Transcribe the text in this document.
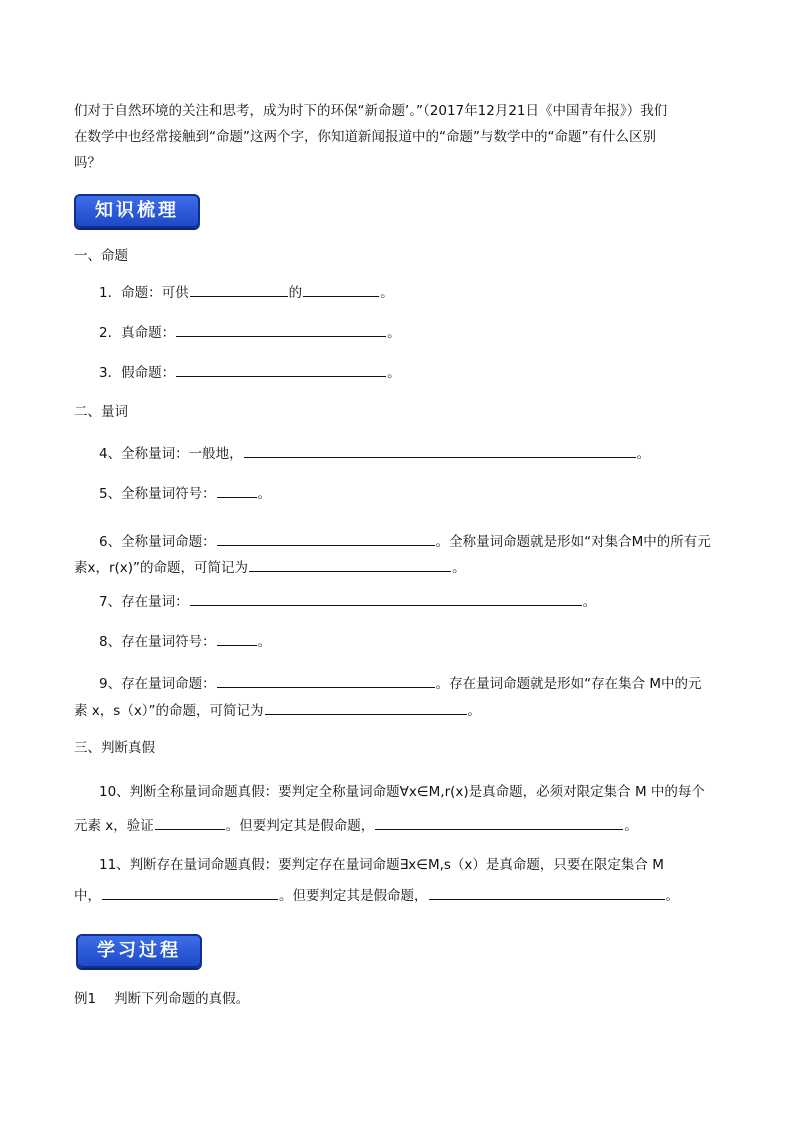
们对于自然环境的关注和思考，成为时下的环保“新命题’。”（2017年12月21日《中国青年报》）我们
在数学中也经常接触到“命题”这两个字，你知道新闻报道中的“命题”与数学中的“命题”有什么区别
吗？
知识梳理
一、命题
1．命题：可供	的	。
2．真命题：	。
3．假命题：	。
二、量词
4、全称量词：一般地，	。
5、全称量词符号：	。
6、全称量词命题：	。全称量词命题就是形如“对集合M中的所有元
素x，r(x)”的命题，可简记为	。
7、存在量词：	。
8、存在量词符号：	。
9、存在量词命题：	。存在量词命题就是形如“存在集合 M中的元
素 x，s（x）”的命题，可简记为	。
三、判断真假
10、判断全称量词命题真假：要判定全称量词命题∀x∈M,r(x)是真命题，必须对限定集合 M 中的每个
元素 x，验证	。但要判定其是假命题，	。
11、判断存在量词命题真假：要判定存在量词命题∃x∈M,s（x）是真命题，只要在限定集合 M
中，	。但要判定其是假命题，	。
学习过程
例1 判断下列命题的真假。
